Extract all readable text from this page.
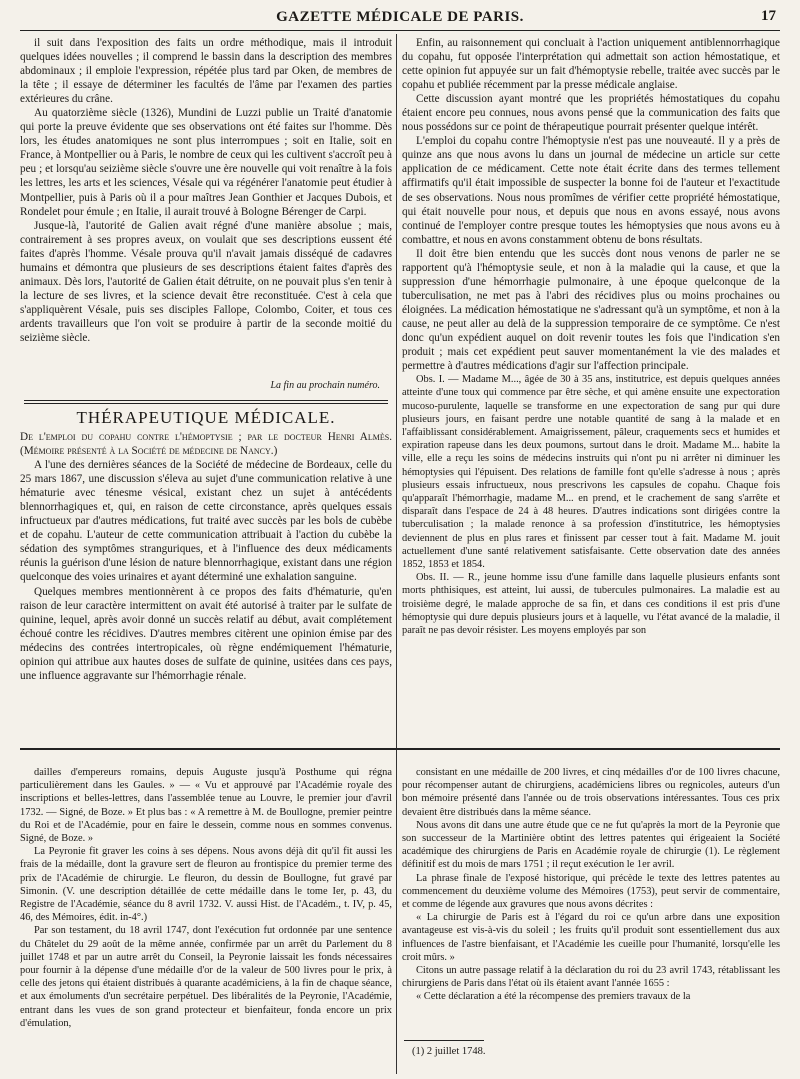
GAZETTE MÉDICALE DE PARIS.	17

il suit dans l'exposition des faits un ordre méthodique, mais il introduit quelques idées nouvelles ; il comprend le bassin dans la description des membres abdominaux ; il emploie l'expression, répétée plus tard par Oken, de membres de la tête ; il essaye de déterminer les facultés de l'âme par l'examen des parties extérieures du crâne.

Au quatorzième siècle (1326), Mundini de Luzzi publie un Traité d'anatomie qui porte la preuve évidente que ses observations ont été faites sur l'homme. Dès lors, les études anatomiques ne sont plus interrompues ; soit en Italie, soit en France, à Montpellier ou à Paris, le nombre de ceux qui les cultivent s'accroît peu à peu ; et lorsqu'au seizième siècle s'ouvre une ère nouvelle qui voit renaître à la fois les lettres, les arts et les sciences, Vésale qui va régénérer l'anatomie peut étudier à Montpellier, puis à Paris où il a pour maîtres Jean Gonthier et Jacques Dubois, et Rondelet pour émule ; en Italie, il aurait trouvé à Bologne Bérenger de Carpi.

Jusque-là, l'autorité de Galien avait régné d'une manière absolue ; mais, contrairement à ses propres aveux, on voulait que ses descriptions eussent été faites d'après l'homme. Vésale prouva qu'il n'avait jamais disséqué de cadavres humains et démontra que plusieurs de ses descriptions étaient faites d'après des animaux. Dès lors, l'autorité de Galien était détruite, on ne pouvait plus s'en tenir à la lecture de ses livres, et la science devait être reconstituée. C'est à cela que s'appliquèrent Vésale, puis ses disciples Fallope, Colombo, Coiter, et tous ces ardents travailleurs que l'on voit se produire à partir de la seconde moitié du seizième siècle.

La fin au prochain numéro.
THÉRAPEUTIQUE MÉDICALE.

De l'emploi du copahu contre l'hémoptysie ; par le docteur Henri Almès. (Mémoire présenté à la Société de médecine de Nancy.)

A l'une des dernières séances de la Société de médecine de Bordeaux, celle du 25 mars 1867, une discussion s'éleva au sujet d'une communication relative à une hématurie avec ténesme vésical, existant chez un sujet à antécédents blennorrhagiques et, qui, en raison de cette circonstance, après quelques essais infructueux par d'autres médications, fut traité avec succès par les bols de cubèbe et de copahu. L'auteur de cette communication attribuait à l'action du cubèbe la sédation des symptômes stranguriques, et à l'influence des deux médicaments réunis la guérison d'une lésion de nature blennorrhagique, existant dans une région quelconque des voies urinaires et ayant déterminé une exhalation sanguine.

Quelques membres mentionnèrent à ce propos des faits d'hématurie, qu'en raison de leur caractère intermittent on avait été autorisé à traiter par le sulfate de quinine, lequel, après avoir donné un succès relatif au début, avait complétement échoué contre les récidives. D'autres membres citèrent une opinion émise par des médecins des contrées intertropicales, où règne endémiquement l'hématurie, opinion qui attribue aux hautes doses de sulfate de quinine, usitées dans ces pays, une influence aggravante sur l'hémorrhagie rénale.

Enfin, au raisonnement qui concluait à l'action uniquement antiblennorrhagique du copahu, fut opposée l'interprétation qui admettait son action hémostatique, et cette opinion fut appuyée sur un fait d'hémoptysie rebelle, traitée avec succès par le copahu et publiée récemment par la presse médicale anglaise.

Cette discussion ayant montré que les propriétés hémostatiques du copahu étaient encore peu connues, nous avons pensé que la communication des faits que nous possédons sur ce point de thérapeutique pourrait présenter quelque intérêt.

L'emploi du copahu contre l'hémoptysie n'est pas une nouveauté. Il y a près de quinze ans que nous avons lu dans un journal de médecine un article sur cette application de ce médicament. Cette note était écrite dans des termes tellement affirmatifs qu'il était impossible de suspecter la bonne foi de l'auteur et l'exactitude de ses observations. Nous nous promîmes de vérifier cette propriété hémostatique, qui était nouvelle pour nous, et depuis que nous en avons essayé, nous avons continué de l'employer contre presque toutes les hémoptysies que nous avons eu à combattre, et nous en avons constamment obtenu de bons résultats.

Il doit être bien entendu que les succès dont nous venons de parler ne se rapportent qu'à l'hémoptysie seule, et non à la maladie qui la cause, et que la suppression d'une hémorrhagie pulmonaire, à une époque quelconque de la tuberculisation, ne met pas à l'abri des récidives plus ou moins prochaines ou éloignées. La médication hémostatique ne s'adressant qu'à un symptôme, et non à la cause, ne peut aller au delà de la suppression temporaire de ce symptôme. Ce n'est donc qu'un expédient auquel on doit revenir toutes les fois que l'indication s'en produit ; mais cet expédient peut sauver momentanément la vie des malades et permettre à d'autres médications d'agir sur l'affection principale.

Obs. I. — Madame M..., âgée de 30 à 35 ans, institutrice, est depuis quelques années atteinte d'une toux qui commence par être sèche, et qui amène ensuite une expectoration mucoso-purulente, laquelle se transforme en une expectoration de sang pur qui dure plusieurs jours, en faisant perdre une notable quantité de sang à la malade et en l'affaiblissant considérablement. Amaigrissement, pâleur, craquements secs et humides et expiration rapeuse dans les deux poumons, surtout dans le droit. Madame M... habite la ville, elle a reçu les soins de médecins instruits qui n'ont pu ni arrêter ni diminuer les hémoptysies qui l'épuisent. Des relations de famille font qu'elle s'adresse à nous ; après plusieurs essais infructueux, nous prescrivons les capsules de copahu. Chaque fois qu'apparaît l'hémorrhagie, madame M... en prend, et le crachement de sang s'arrête et disparaît dans l'espace de 24 à 48 heures. D'autres indications sont dirigées contre la tuberculisation ; la malade renonce à sa profession d'institutrice, les hémoptysies deviennent de plus en plus rares et finissent par cesser tout à fait. Madame M. jouit actuellement d'une santé relativement satisfaisante. Cette observation date des années 1852, 1853 et 1854.

Obs. II. — R., jeune homme issu d'une famille dans laquelle plusieurs enfants sont morts phthisiques, est atteint, lui aussi, de tubercules pulmonaires. La maladie est au troisième degré, le malade approche de sa fin, et dans ces conditions il est pris d'une hémoptysie qui dure depuis plusieurs jours et à laquelle, vu l'état avancé de la maladie, il paraît ne pas devoir résister. Les moyens employés par son

dailles d'empereurs romains, depuis Auguste jusqu'à Posthume qui régna particulièrement dans les Gaules. » — « Vu et approuvé par l'Académie royale des inscriptions et belles-lettres, dans l'assemblée tenue au Louvre, le premier jour d'avril 1732. — Signé, de Boze. » Et plus bas : « A remettre à M. de Boullogne, premier peintre du Roi et de l'Académie, pour en faire le dessein, comme nous en sommes convenus. Signé, de Boze. »

La Peyronie fit graver les coins à ses dépens. Nous avons déjà dit qu'il fit aussi les frais de la médaille, dont la gravure sert de fleuron au frontispice du premier terme des prix de l'Académie de chirurgie. Le fleuron, du dessin de Boullogne, fut gravé par Simonin. (V. une description détaillée de cette médaille dans le tome Ier, p. 43, du Registre de l'Académie, séance du 8 avril 1732. V. aussi Hist. de l'Académ., t. IV, p. 45, 46, des Mémoires, édit. in-4°.)

Par son testament, du 18 avril 1747, dont l'exécution fut ordonnée par une sentence du Châtelet du 29 août de la même année, confirmée par un arrêt du Parlement du 8 juillet 1748 et par un autre arrêt du Conseil, la Peyronie laissait les fonds nécessaires pour fournir à la dépense d'une médaille d'or de la valeur de 500 livres pour le prix, à celle des jetons qui étaient distribués à quarante académiciens, à la fin de chaque séance, et aux émoluments d'un secrétaire perpétuel. Des libéralités de la Peyronie, l'Académie, entrant dans les vues de son grand protecteur et bienfaiteur, fonda encore un prix d'émulation,

consistant en une médaille de 200 livres, et cinq médailles d'or de 100 livres chacune, pour récompenser autant de chirurgiens, académiciens libres ou regnicoles, auteurs d'un bon mémoire présenté dans l'année ou de trois observations intéressantes. Tous ces prix devaient être distribués dans la même séance.

Nous avons dit dans une autre étude que ce ne fut qu'après la mort de la Peyronie que son successeur de la Martinière obtint des lettres patentes qui érigeaient la Société académique des chirurgiens de Paris en Académie royale de chirurgie (1). Le règlement définitif est du mois de mars 1751 ; il reçut exécution le 1er avril.

La phrase finale de l'exposé historique, qui précède le texte des lettres patentes au commencement du deuxième volume des Mémoires (1753), peut servir de commentaire, et comme de légende aux gravures que nous avons décrites :

« La chirurgie de Paris est à l'égard du roi ce qu'un arbre dans une exposition avantageuse est vis-à-vis du soleil ; les fruits qu'il produit sont essentiellement dus aux influences de l'astre bienfaisant, et l'Académie les cueille pour l'humanité, lorsqu'elle les croit mûrs. »

Citons un autre passage relatif à la déclaration du roi du 23 avril 1743, rétablissant les chirurgiens de Paris dans l'état où ils étaient avant l'année 1655 :

« Cette déclaration a été la récompense des premiers travaux de la

(1) 2 juillet 1748.
